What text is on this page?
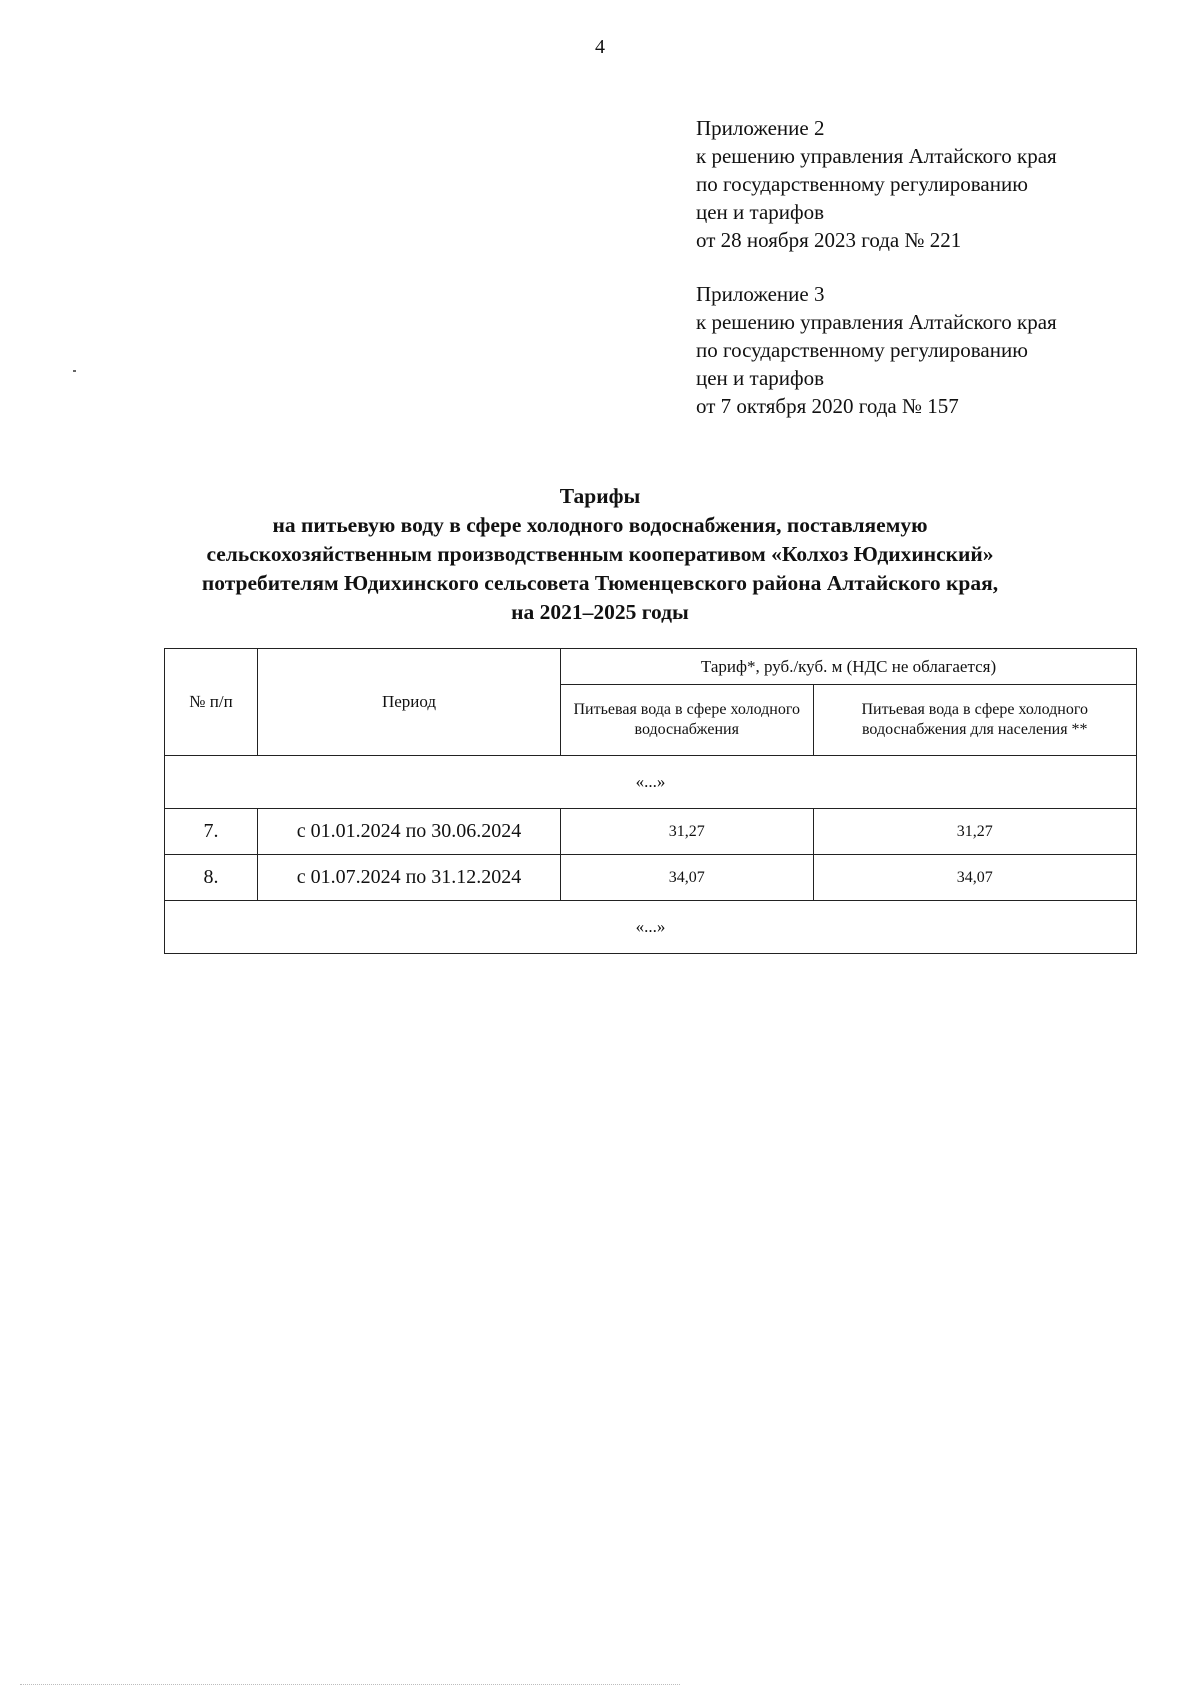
4
Приложение 2
к решению управления Алтайского края
по государственному регулированию
цен и тарифов
от 28 ноября 2023 года № 221
Приложение 3
к решению управления Алтайского края
по государственному регулированию
цен и тарифов
от 7 октября 2020 года № 157
Тарифы
на питьевую воду в сфере холодного водоснабжения, поставляемую
сельскохозяйственным производственным кооперативом «Колхоз Юдихинский»
потребителям Юдихинского сельсовета Тюменцевского района Алтайского края,
на 2021–2025 годы
№ п/п	Период	Тариф*, руб./куб. м (НДС не облагается)	
		Питьевая вода в сфере холодного водоснабжения	Питьевая вода в сфере холодного водоснабжения для населения **
«...»			
7.	с 01.01.2024 по 30.06.2024	31,27	31,27
8.	с 01.07.2024 по 31.12.2024	34,07	34,07
«...»			
